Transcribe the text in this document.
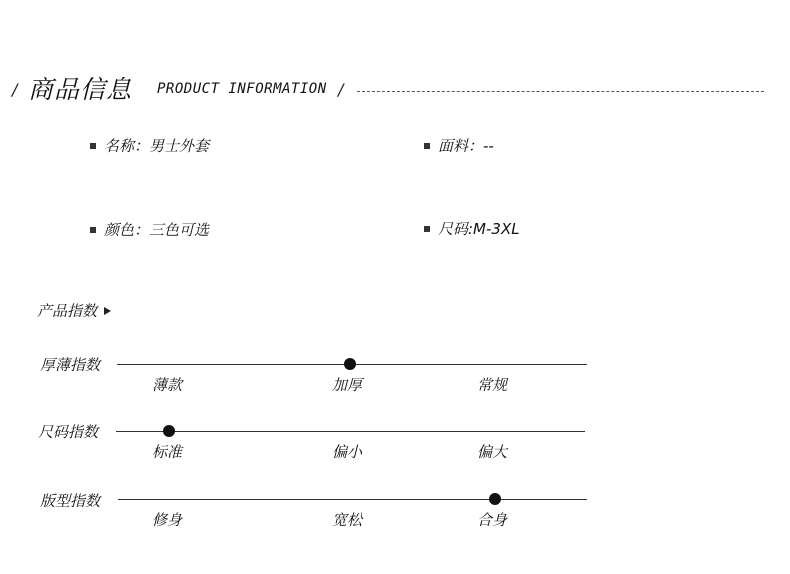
/ 商品信息 PRODUCT INFORMATION /
名称：男士外套	面料：--
颜色：三色可选	尺码:M-3XL
产品指数
厚薄指数
薄款	加厚	常规
尺码指数
标准	偏小	偏大
版型指数
修身	宽松	合身
